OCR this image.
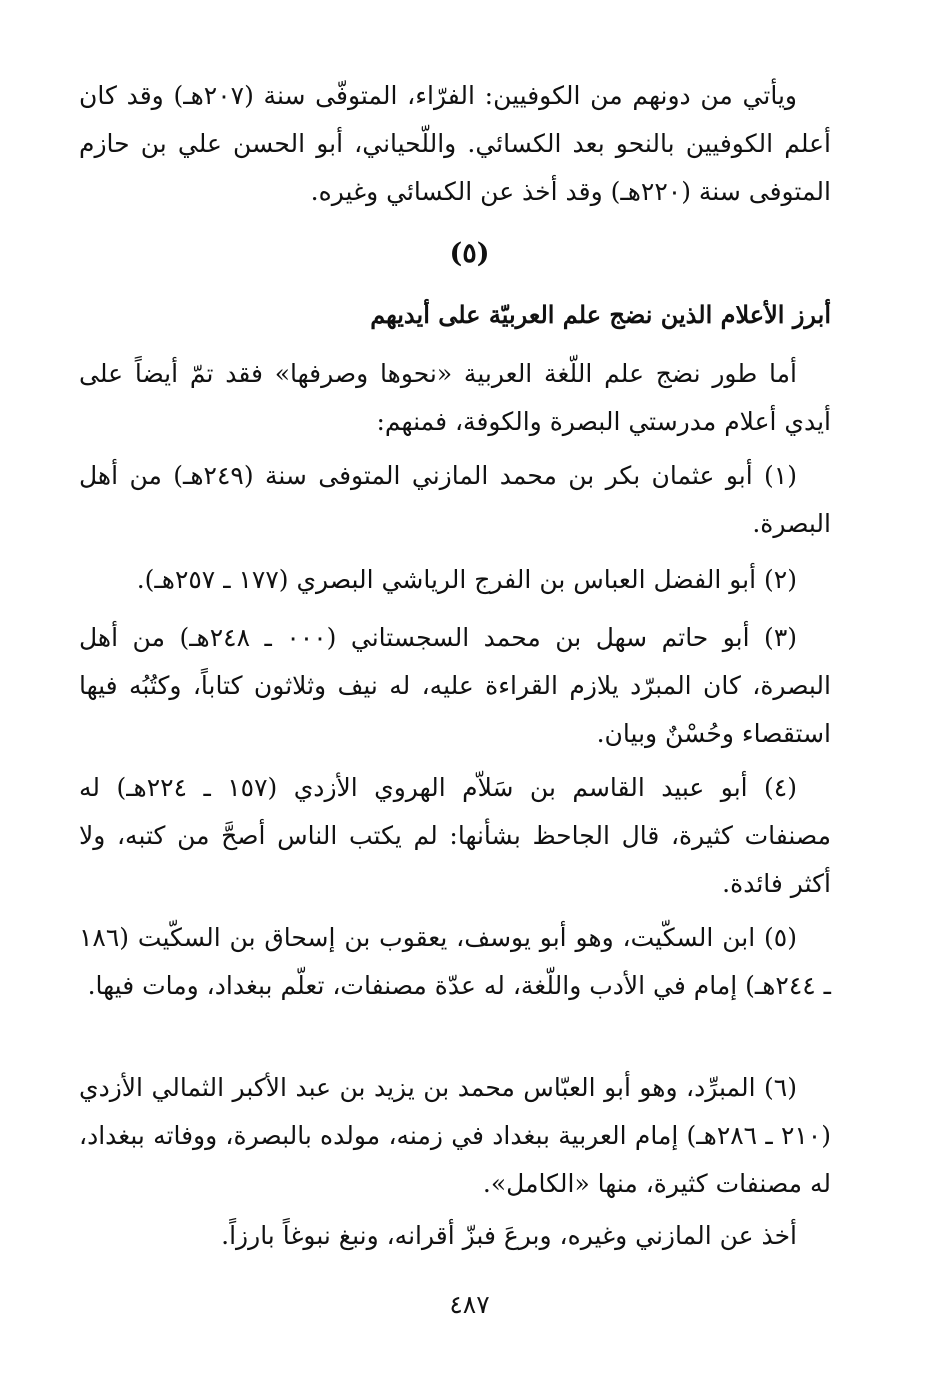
ويأتي من دونهم من الكوفيين: الفرّاء، المتوفّى سنة (٢٠٧هـ) وقد كان أعلم الكوفيين بالنحو بعد الكسائي. واللّحياني، أبو الحسن علي بن حازم المتوفى سنة (٢٢٠هـ) وقد أخذ عن الكسائي وغيره.

(٥)
أبرز الأعلام الذين نضج علم العربيّة على أيديهم

أما طور نضج علم اللّغة العربية «نحوها وصرفها» فقد تمّ أيضاً على أيدي أعلام مدرستي البصرة والكوفة، فمنهم:

(١) أبو عثمان بكر بن محمد المازني المتوفى سنة (٢٤٩هـ) من أهل البصرة.

(٢) أبو الفضل العباس بن الفرج الرياشي البصري (١٧٧ ـ ٢٥٧هـ).

(٣) أبو حاتم سهل بن محمد السجستاني (٠٠٠ ـ ٢٤٨هـ) من أهل البصرة، كان المبرّد يلازم القراءة عليه، له نيف وثلاثون كتاباً، وكتُبُه فيها استقصاء وحُسْنٌ وبيان.

(٤) أبو عبيد القاسم بن سَلاّم الهروي الأزدي (١٥٧ ـ ٢٢٤هـ) له مصنفات كثيرة، قال الجاحظ بشأنها: لم يكتب الناس أصحَّ من كتبه، ولا أكثر فائدة.

(٥) ابن السكّيت، وهو أبو يوسف، يعقوب بن إسحاق بن السكّيت (١٨٦ ـ ٢٤٤هـ) إمام في الأدب واللّغة، له عدّة مصنفات، تعلّم ببغداد، ومات فيها.

(٦) المبرِّد، وهو أبو العبّاس محمد بن يزيد بن عبد الأكبر الثمالي الأزدي (٢١٠ ـ ٢٨٦هـ) إمام العربية ببغداد في زمنه، مولده بالبصرة، ووفاته ببغداد، له مصنفات كثيرة، منها «الكامل».

أخذ عن المازني وغيره، وبرعَ فبزّ أقرانه، ونبغ نبوغاً بارزاً.

٤٨٧
